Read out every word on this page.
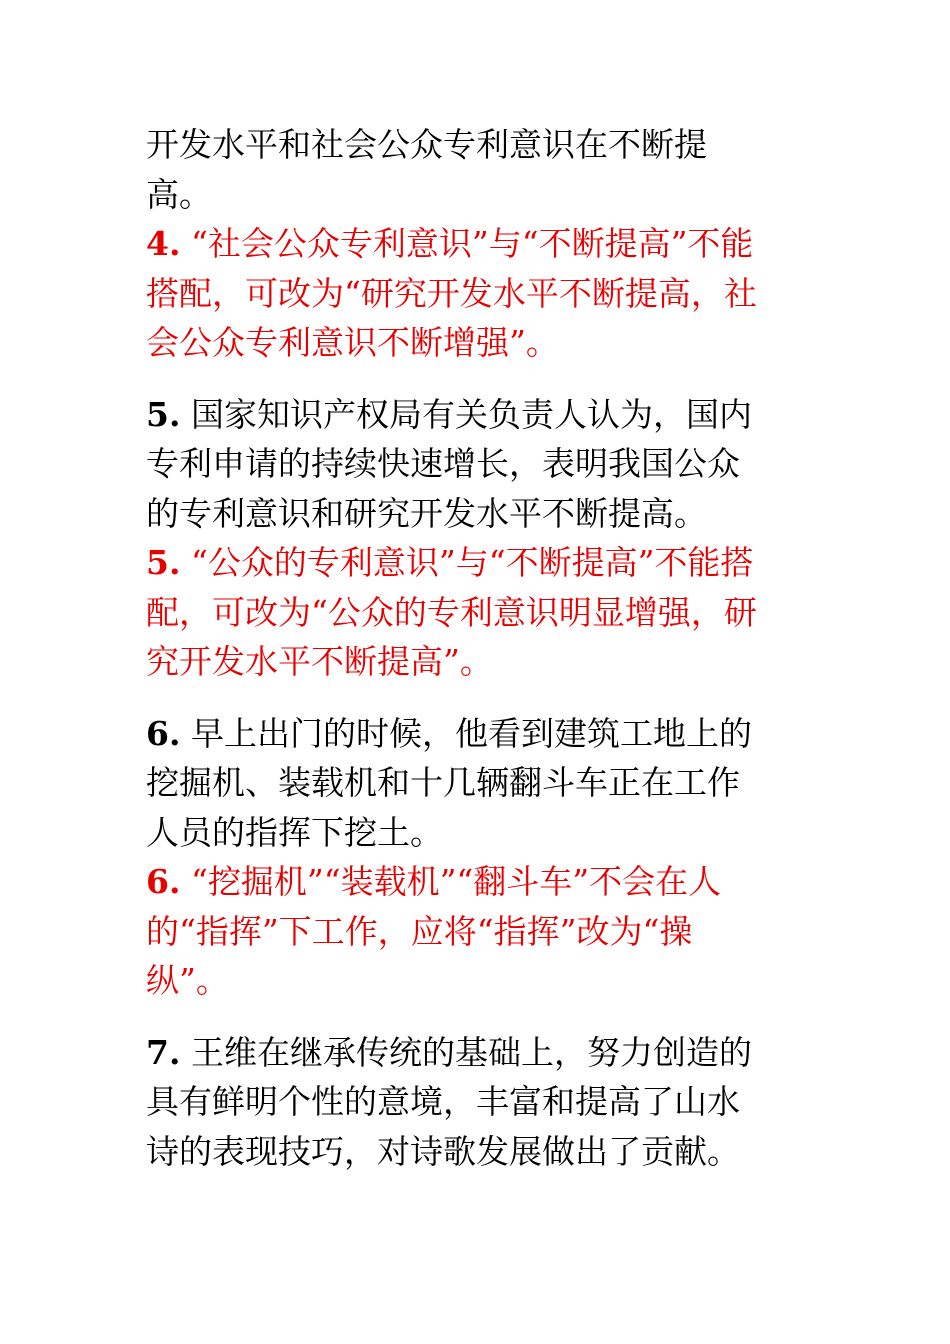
开发水平和社会公众专利意识在不断提
高。
4. “社会公众专利意识”与“不断提高”不能
搭配，可改为“研究开发水平不断提高，社
会公众专利意识不断增强”。
5. 国家知识产权局有关负责人认为，国内
专利申请的持续快速增长，表明我国公众
的专利意识和研究开发水平不断提高。
5. “公众的专利意识”与“不断提高”不能搭
配，可改为“公众的专利意识明显增强，研
究开发水平不断提高”。
6. 早上出门的时候，他看到建筑工地上的
挖掘机、装载机和十几辆翻斗车正在工作
人员的指挥下挖土。
6. “挖掘机”“装载机”“翻斗车”不会在人
的“指挥”下工作，应将“指挥”改为“操
纵”。
7. 王维在继承传统的基础上，努力创造的
具有鲜明个性的意境，丰富和提高了山水
诗的表现技巧，对诗歌发展做出了贡献。
